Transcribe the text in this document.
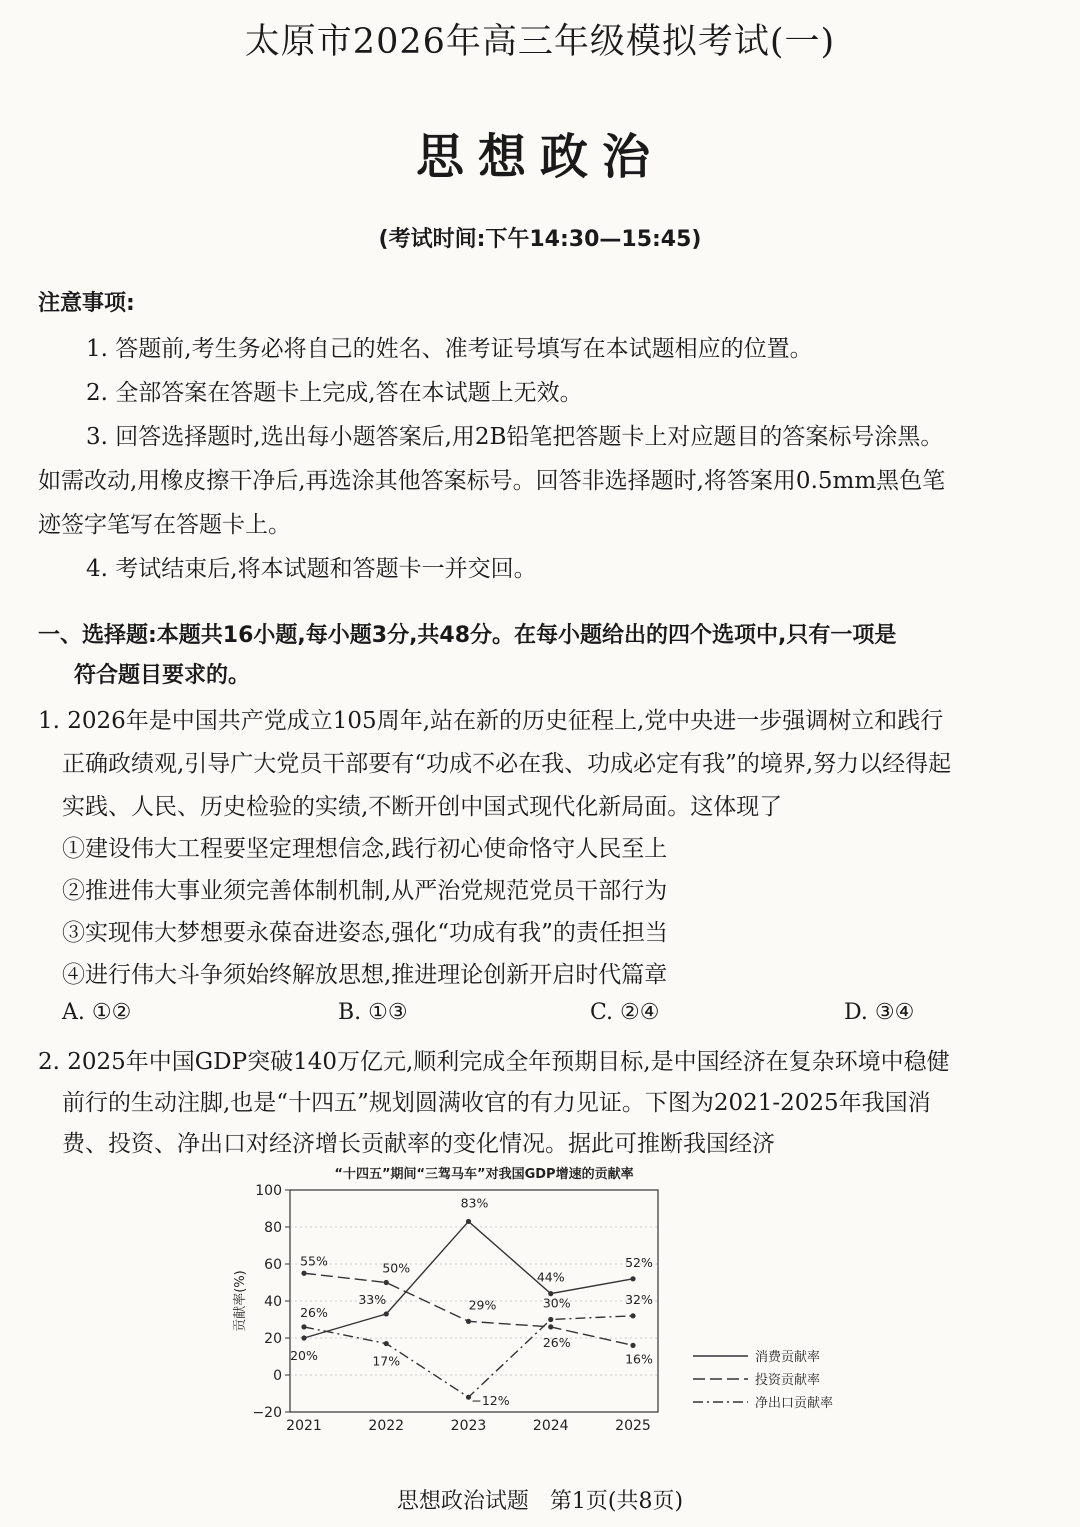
太原市2026年高三年级模拟考试(一)
思想政治
(考试时间:下午14:30—15:45)
注意事项:
1. 答题前,考生务必将自己的姓名、准考证号填写在本试题相应的位置。
2. 全部答案在答题卡上完成,答在本试题上无效。
3. 回答选择题时,选出每小题答案后,用2B铅笔把答题卡上对应题目的答案标号涂黑。
如需改动,用橡皮擦干净后,再选涂其他答案标号。回答非选择题时,将答案用0.5mm黑色笔
迹签字笔写在答题卡上。
4. 考试结束后,将本试题和答题卡一并交回。
一、选择题:本题共16小题,每小题3分,共48分。在每小题给出的四个选项中,只有一项是
符合题目要求的。
1. 2026年是中国共产党成立105周年,站在新的历史征程上,党中央进一步强调树立和践行
正确政绩观,引导广大党员干部要有“功成不必在我、功成必定有我”的境界,努力以经得起
实践、人民、历史检验的实绩,不断开创中国式现代化新局面。这体现了
①建设伟大工程要坚定理想信念,践行初心使命恪守人民至上
②推进伟大事业须完善体制机制,从严治党规范党员干部行为
③实现伟大梦想要永葆奋进姿态,强化“功成有我”的责任担当
④进行伟大斗争须始终解放思想,推进理论创新开启时代篇章
A. ①②	B. ①③	C. ②④	D. ③④
2. 2025年中国GDP突破140万亿元,顺利完成全年预期目标,是中国经济在复杂环境中稳健
前行的生动注脚,也是“十四五”规划圆满收官的有力见证。下图为2021-2025年我国消
费、投资、净出口对经济增长贡献率的变化情况。据此可推断我国经济
“十四五”期间“三驾马车”对我国GDP增速的贡献率
−20
0
20
40
60
80
100
贡献率(%)
2021	2022	2023	2024	2025
20%
33%
83%
44%
52%
55%	50%
29%
26%
16%
26%
17%
−12%
30%	32%
消费贡献率
投资贡献率
净出口贡献率
思想政治试题   第1页(共8页)
